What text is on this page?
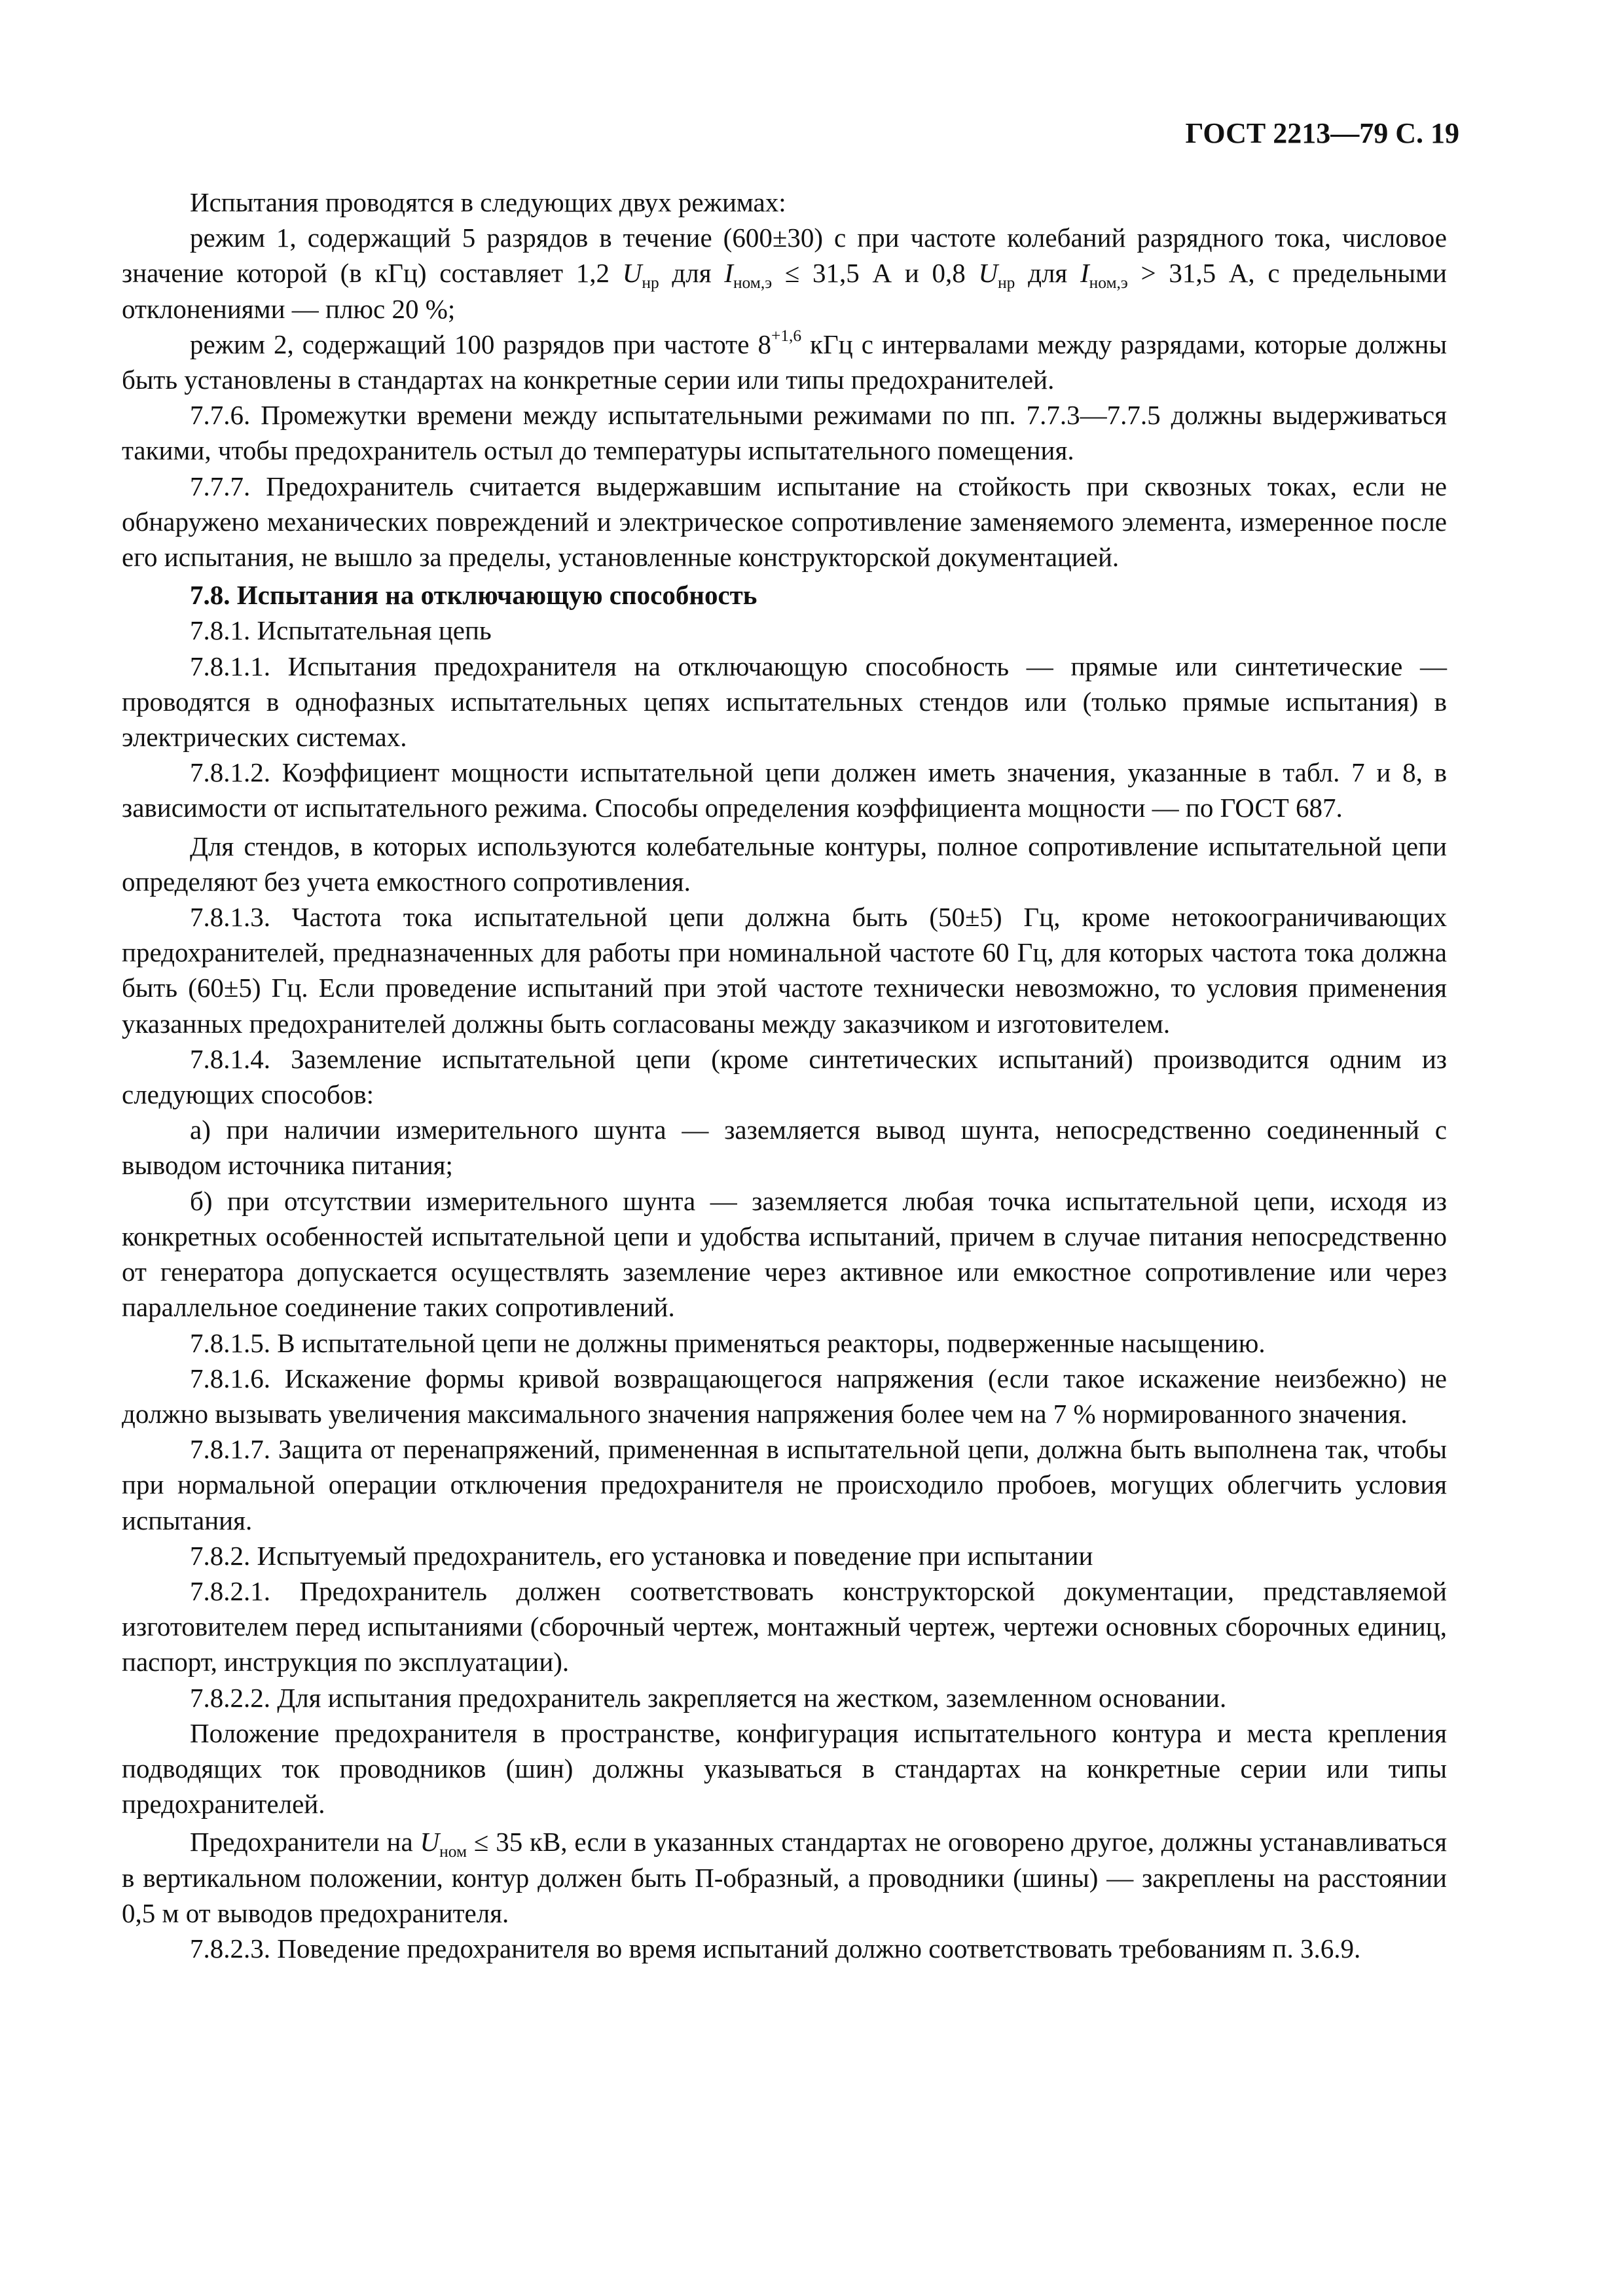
ГОСТ 2213—79 С. 19

Испытания проводятся в следующих двух режимах:

режим 1, содержащий 5 разрядов в течение (600±30) с при частоте колебаний разрядного тока, числовое значение которой (в кГц) составляет 1,2 $U_{нр}$ для $I_{ном,э} \le 31,5$ А и 0,8 $U_{нр}$ для $I_{ном,э} > 31,5$ А, с предельными отклонениями — плюс 20 %;

режим 2, содержащий 100 разрядов при частоте $8^{+1,6}$ кГц с интервалами между разрядами, которые должны быть установлены в стандартах на конкретные серии или типы предохранителей.

7.7.6. Промежутки времени между испытательными режимами по пп. 7.7.3—7.7.5 должны выдерживаться такими, чтобы предохранитель остыл до температуры испытательного помещения.

7.7.7. Предохранитель считается выдержавшим испытание на стойкость при сквозных токах, если не обнаружено механических повреждений и электрическое сопротивление заменяемого элемента, измеренное после его испытания, не вышло за пределы, установленные конструкторской документацией.

7.8. Испытания на отключающую способность

7.8.1. Испытательная цепь

7.8.1.1. Испытания предохранителя на отключающую способность — прямые или синтетические — проводятся в однофазных испытательных цепях испытательных стендов или (только прямые испытания) в электрических системах.

7.8.1.2. Коэффициент мощности испытательной цепи должен иметь значения, указанные в табл. 7 и 8, в зависимости от испытательного режима. Способы определения коэффициента мощности — по ГОСТ 687.

Для стендов, в которых используются колебательные контуры, полное сопротивление испытательной цепи определяют без учета емкостного сопротивления.

7.8.1.3. Частота тока испытательной цепи должна быть (50±5) Гц, кроме нетокоограничивающих предохранителей, предназначенных для работы при номинальной частоте 60 Гц, для которых частота тока должна быть (60±5) Гц. Если проведение испытаний при этой частоте технически невозможно, то условия применения указанных предохранителей должны быть согласованы между заказчиком и изготовителем.

7.8.1.4. Заземление испытательной цепи (кроме синтетических испытаний) производится одним из следующих способов:

а) при наличии измерительного шунта — заземляется вывод шунта, непосредственно соединенный с выводом источника питания;

б) при отсутствии измерительного шунта — заземляется любая точка испытательной цепи, исходя из конкретных особенностей испытательной цепи и удобства испытаний, причем в случае питания непосредственно от генератора допускается осуществлять заземление через активное или емкостное сопротивление или через параллельное соединение таких сопротивлений.

7.8.1.5. В испытательной цепи не должны применяться реакторы, подверженные насыщению.

7.8.1.6. Искажение формы кривой возвращающегося напряжения (если такое искажение неизбежно) не должно вызывать увеличения максимального значения напряжения более чем на 7 % нормированного значения.

7.8.1.7. Защита от перенапряжений, примененная в испытательной цепи, должна быть выполнена так, чтобы при нормальной операции отключения предохранителя не происходило пробоев, могущих облегчить условия испытания.

7.8.2. Испытуемый предохранитель, его установка и поведение при испытании

7.8.2.1. Предохранитель должен соответствовать конструкторской документации, представляемой изготовителем перед испытаниями (сборочный чертеж, монтажный чертеж, чертежи основных сборочных единиц, паспорт, инструкция по эксплуатации).

7.8.2.2. Для испытания предохранитель закрепляется на жестком, заземленном основании.

Положение предохранителя в пространстве, конфигурация испытательного контура и места крепления подводящих ток проводников (шин) должны указываться в стандартах на конкретные серии или типы предохранителей.

Предохранители на $U_{ном} \le 35$ кВ, если в указанных стандартах не оговорено другое, должны устанавливаться в вертикальном положении, контур должен быть П-образный, а проводники (шины) — закреплены на расстоянии 0,5 м от выводов предохранителя.

7.8.2.3. Поведение предохранителя во время испытаний должно соответствовать требованиям п. 3.6.9.
